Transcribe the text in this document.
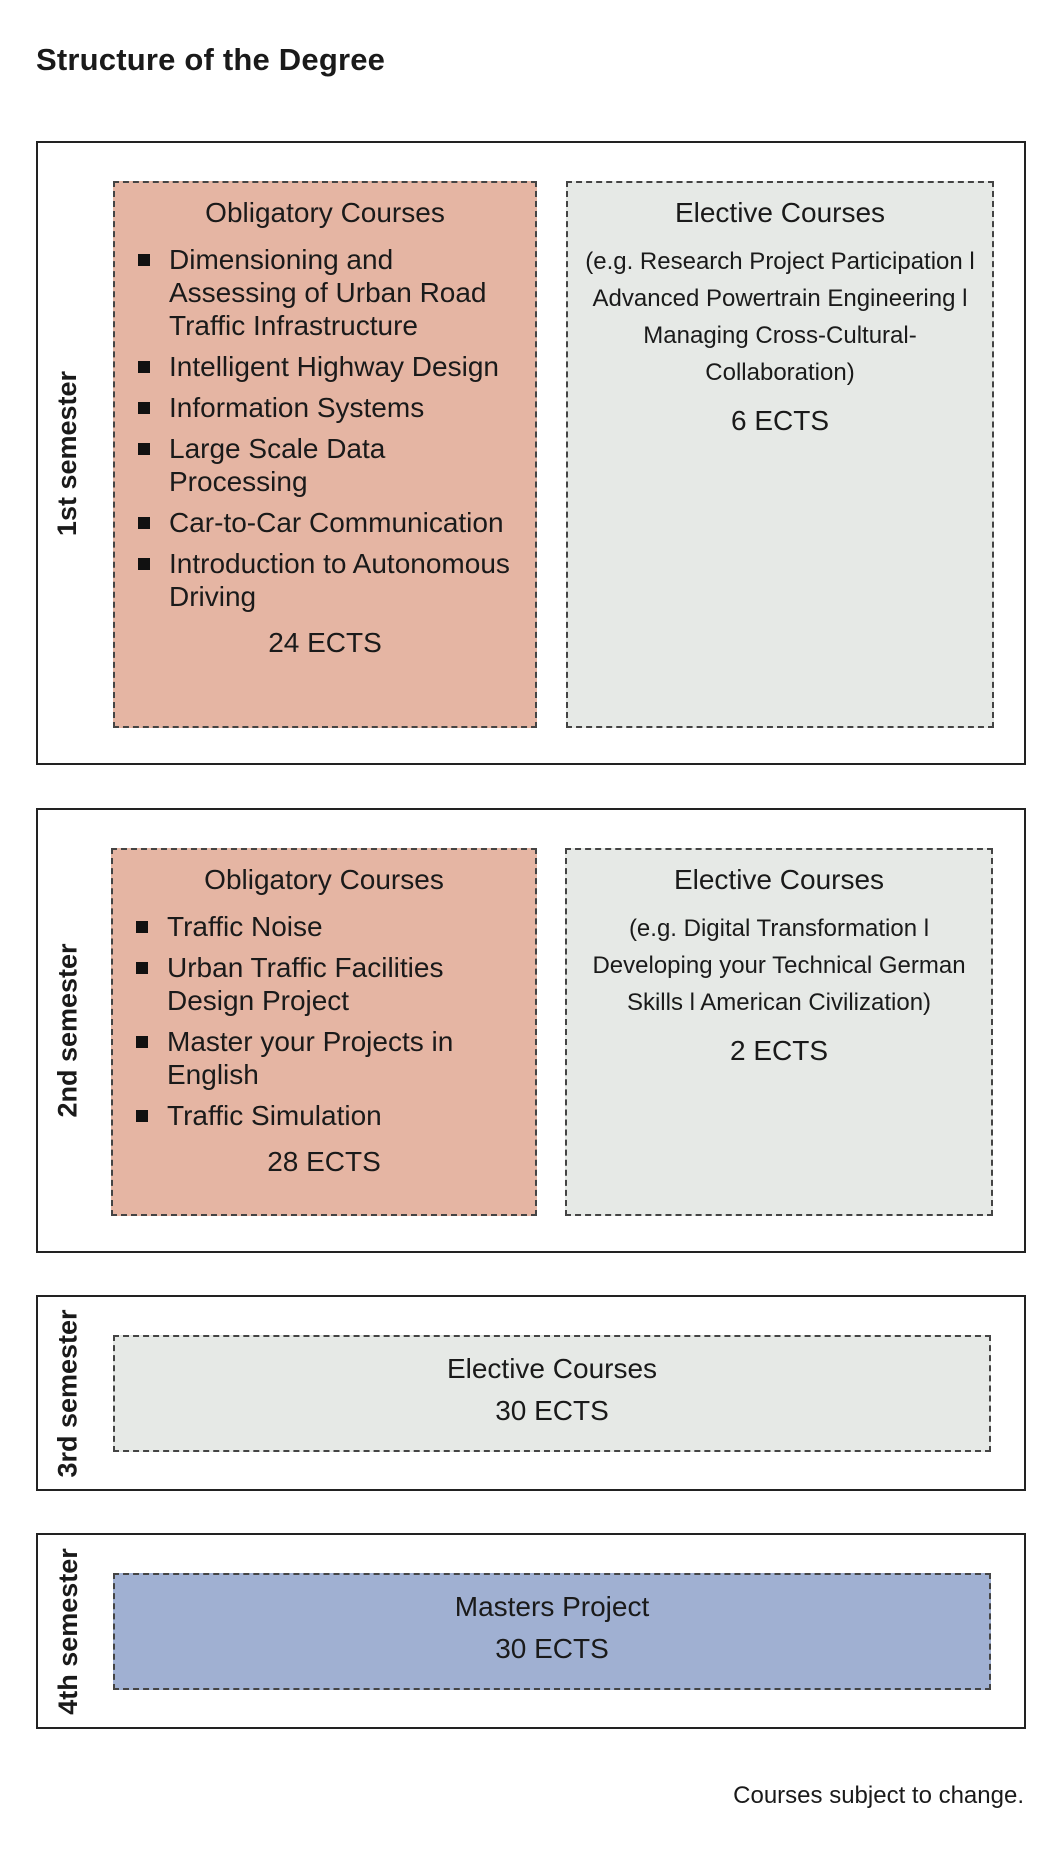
Structure of the Degree
1st semester
Obligatory Courses
Dimensioning and Assessing of Urban Road Traffic Infrastructure
Intelligent Highway Design
Information Systems
Large Scale Data Processing
Car-to-Car Communication
Introduction to Autonomous Driving
24 ECTS
Elective Courses
(e.g. Research Project Participation l Advanced Powertrain Engineering l Managing Cross-Cultural-Collaboration)
6 ECTS
2nd semester
Obligatory Courses
Traffic Noise
Urban Traffic Facilities Design Project
Master your Projects in English
Traffic Simulation
28 ECTS
Elective Courses
(e.g. Digital Transformation l Developing your Technical German Skills l American Civilization)
2 ECTS
3rd semester	Elective Courses
30 ECTS
4th semester	Masters Project
30 ECTS
Courses subject to change.
